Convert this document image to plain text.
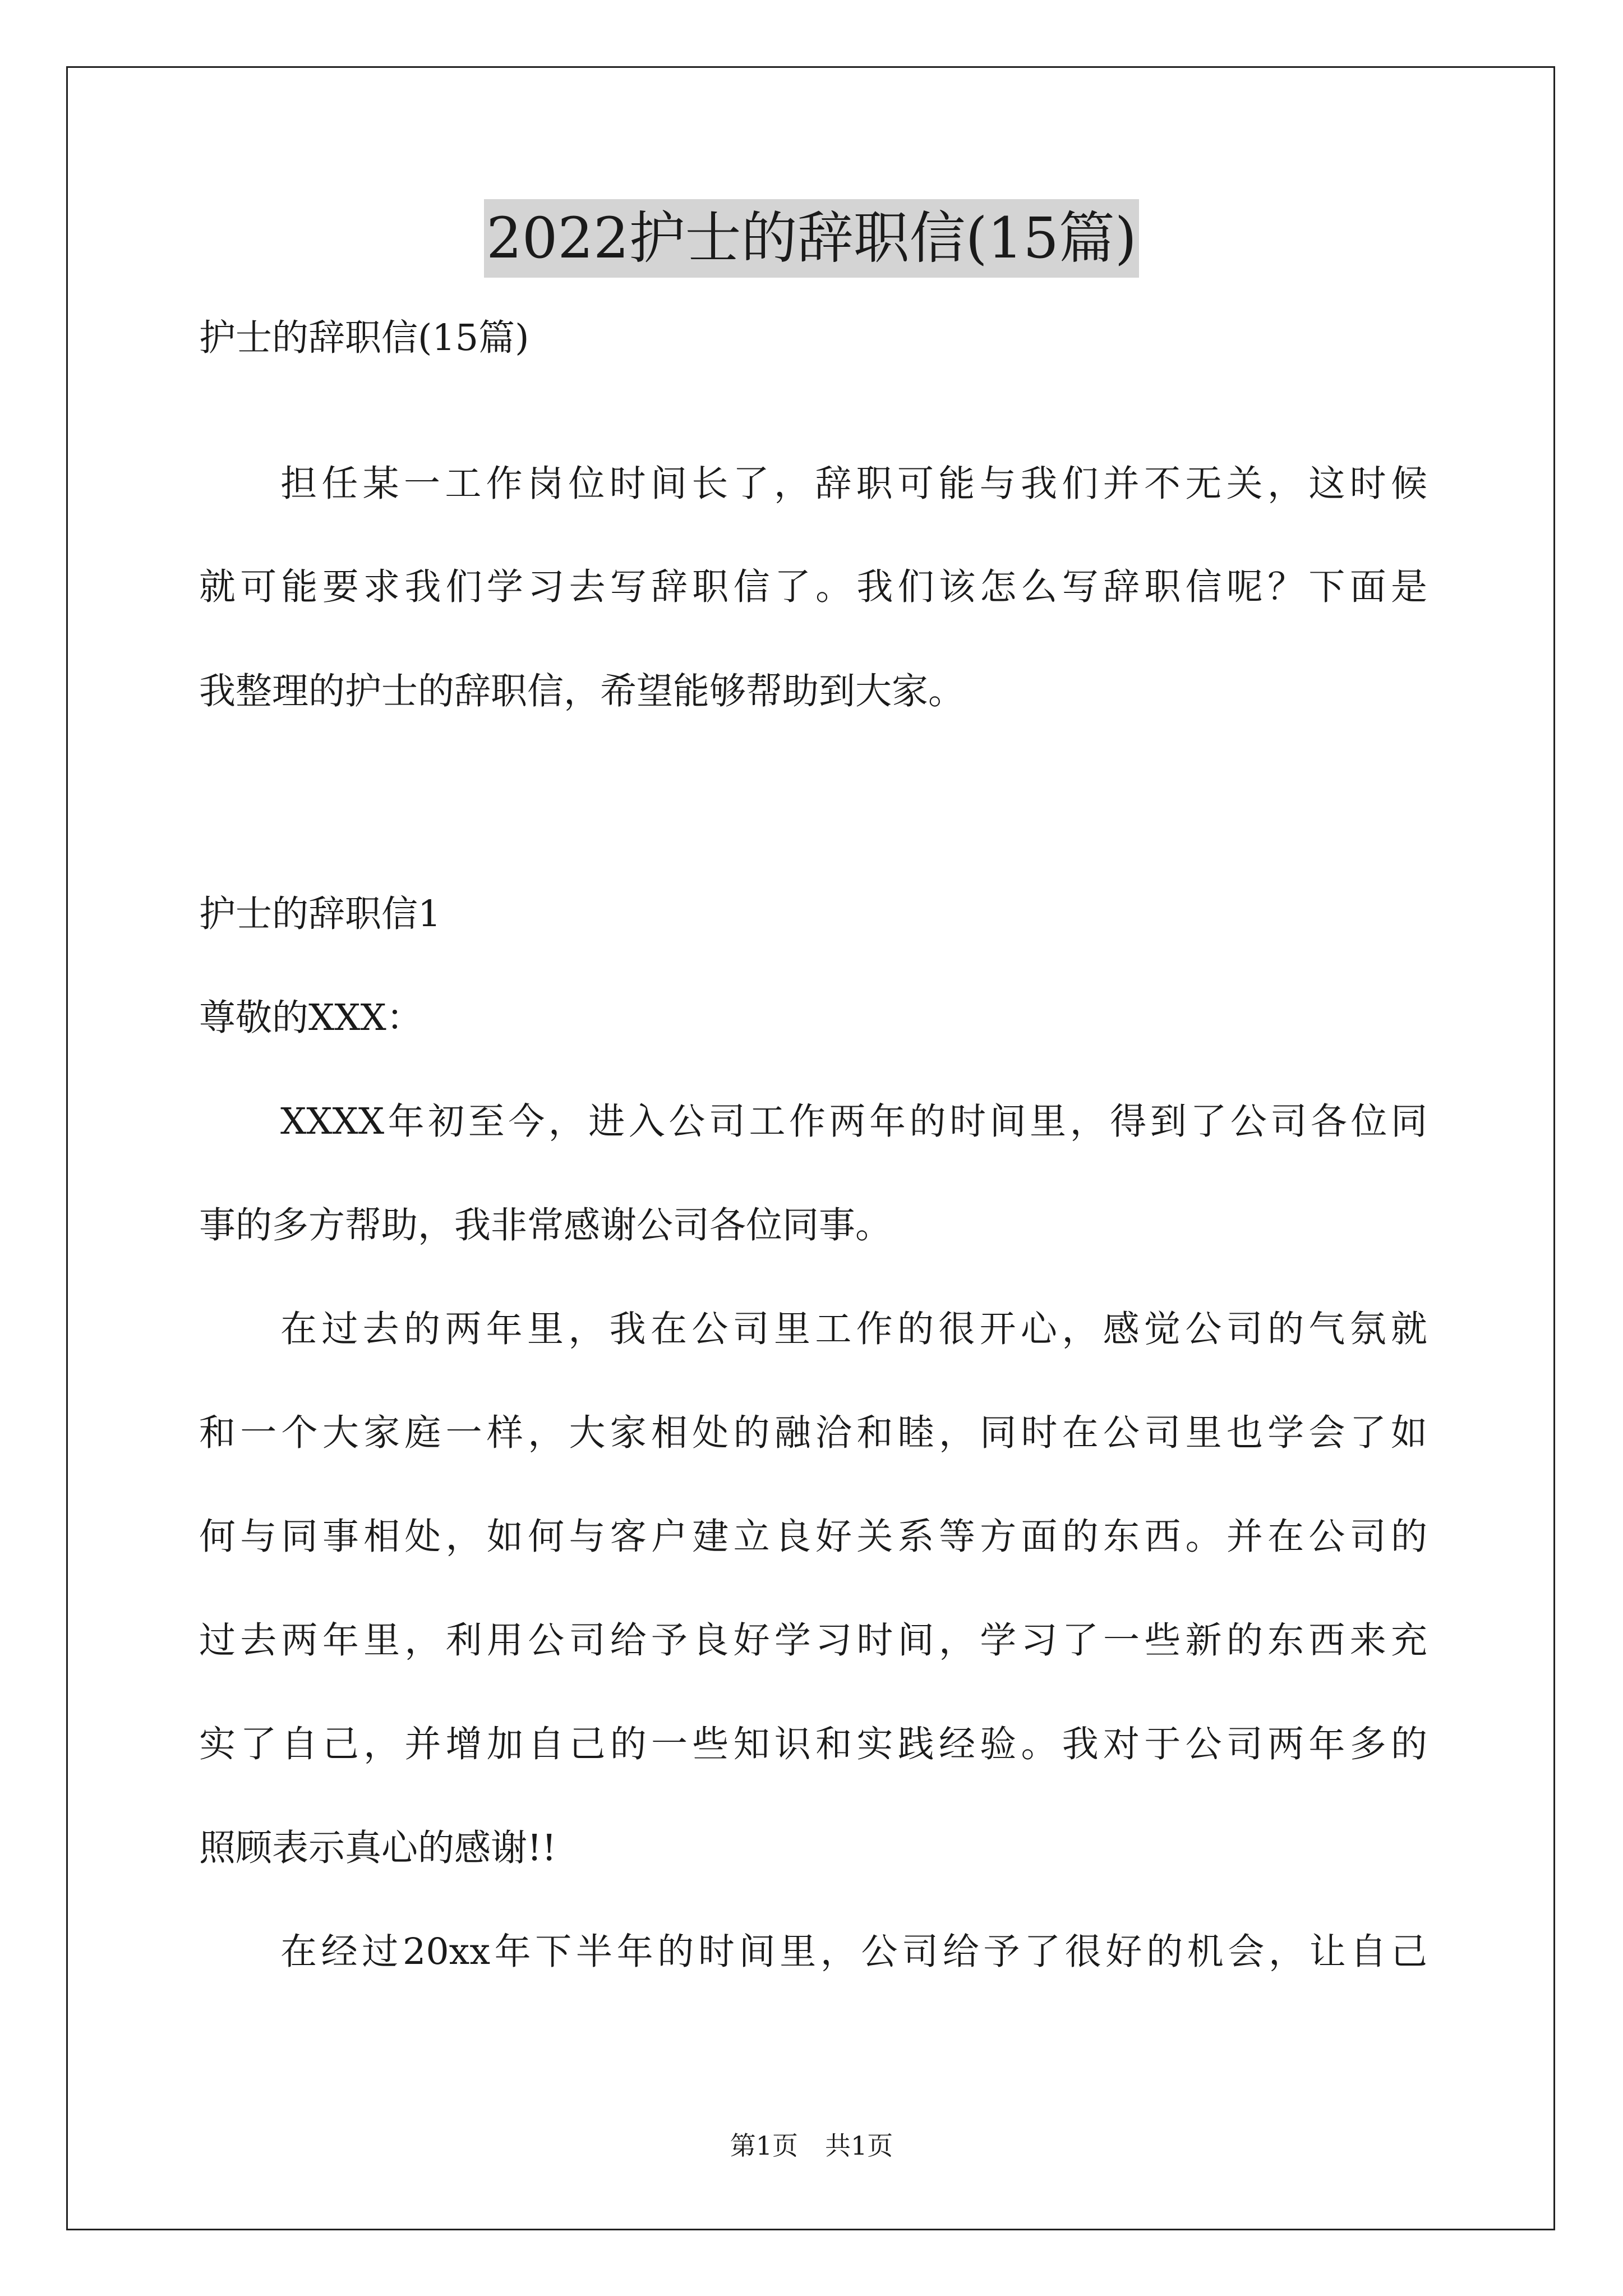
2022护士的辞职信(15篇)

护士的辞职信(15篇)

担任某一工作岗位时间长了，辞职可能与我们并不无关，这时候

就可能要求我们学习去写辞职信了。我们该怎么写辞职信呢？下面是

我整理的护士的辞职信，希望能够帮助到大家。

护士的辞职信1

尊敬的XXX：

XXXX年初至今，进入公司工作两年的时间里，得到了公司各位同

事的多方帮助，我非常感谢公司各位同事。

在过去的两年里，我在公司里工作的很开心，感觉公司的气氛就

和一个大家庭一样，大家相处的融洽和睦，同时在公司里也学会了如

何与同事相处，如何与客户建立良好关系等方面的东西。并在公司的

过去两年里，利用公司给予良好学习时间，学习了一些新的东西来充

实了自己，并增加自己的一些知识和实践经验。我对于公司两年多的

照顾表示真心的感谢!!

在经过20xx年下半年的时间里，公司给予了很好的机会，让自己

第1页 共1页
